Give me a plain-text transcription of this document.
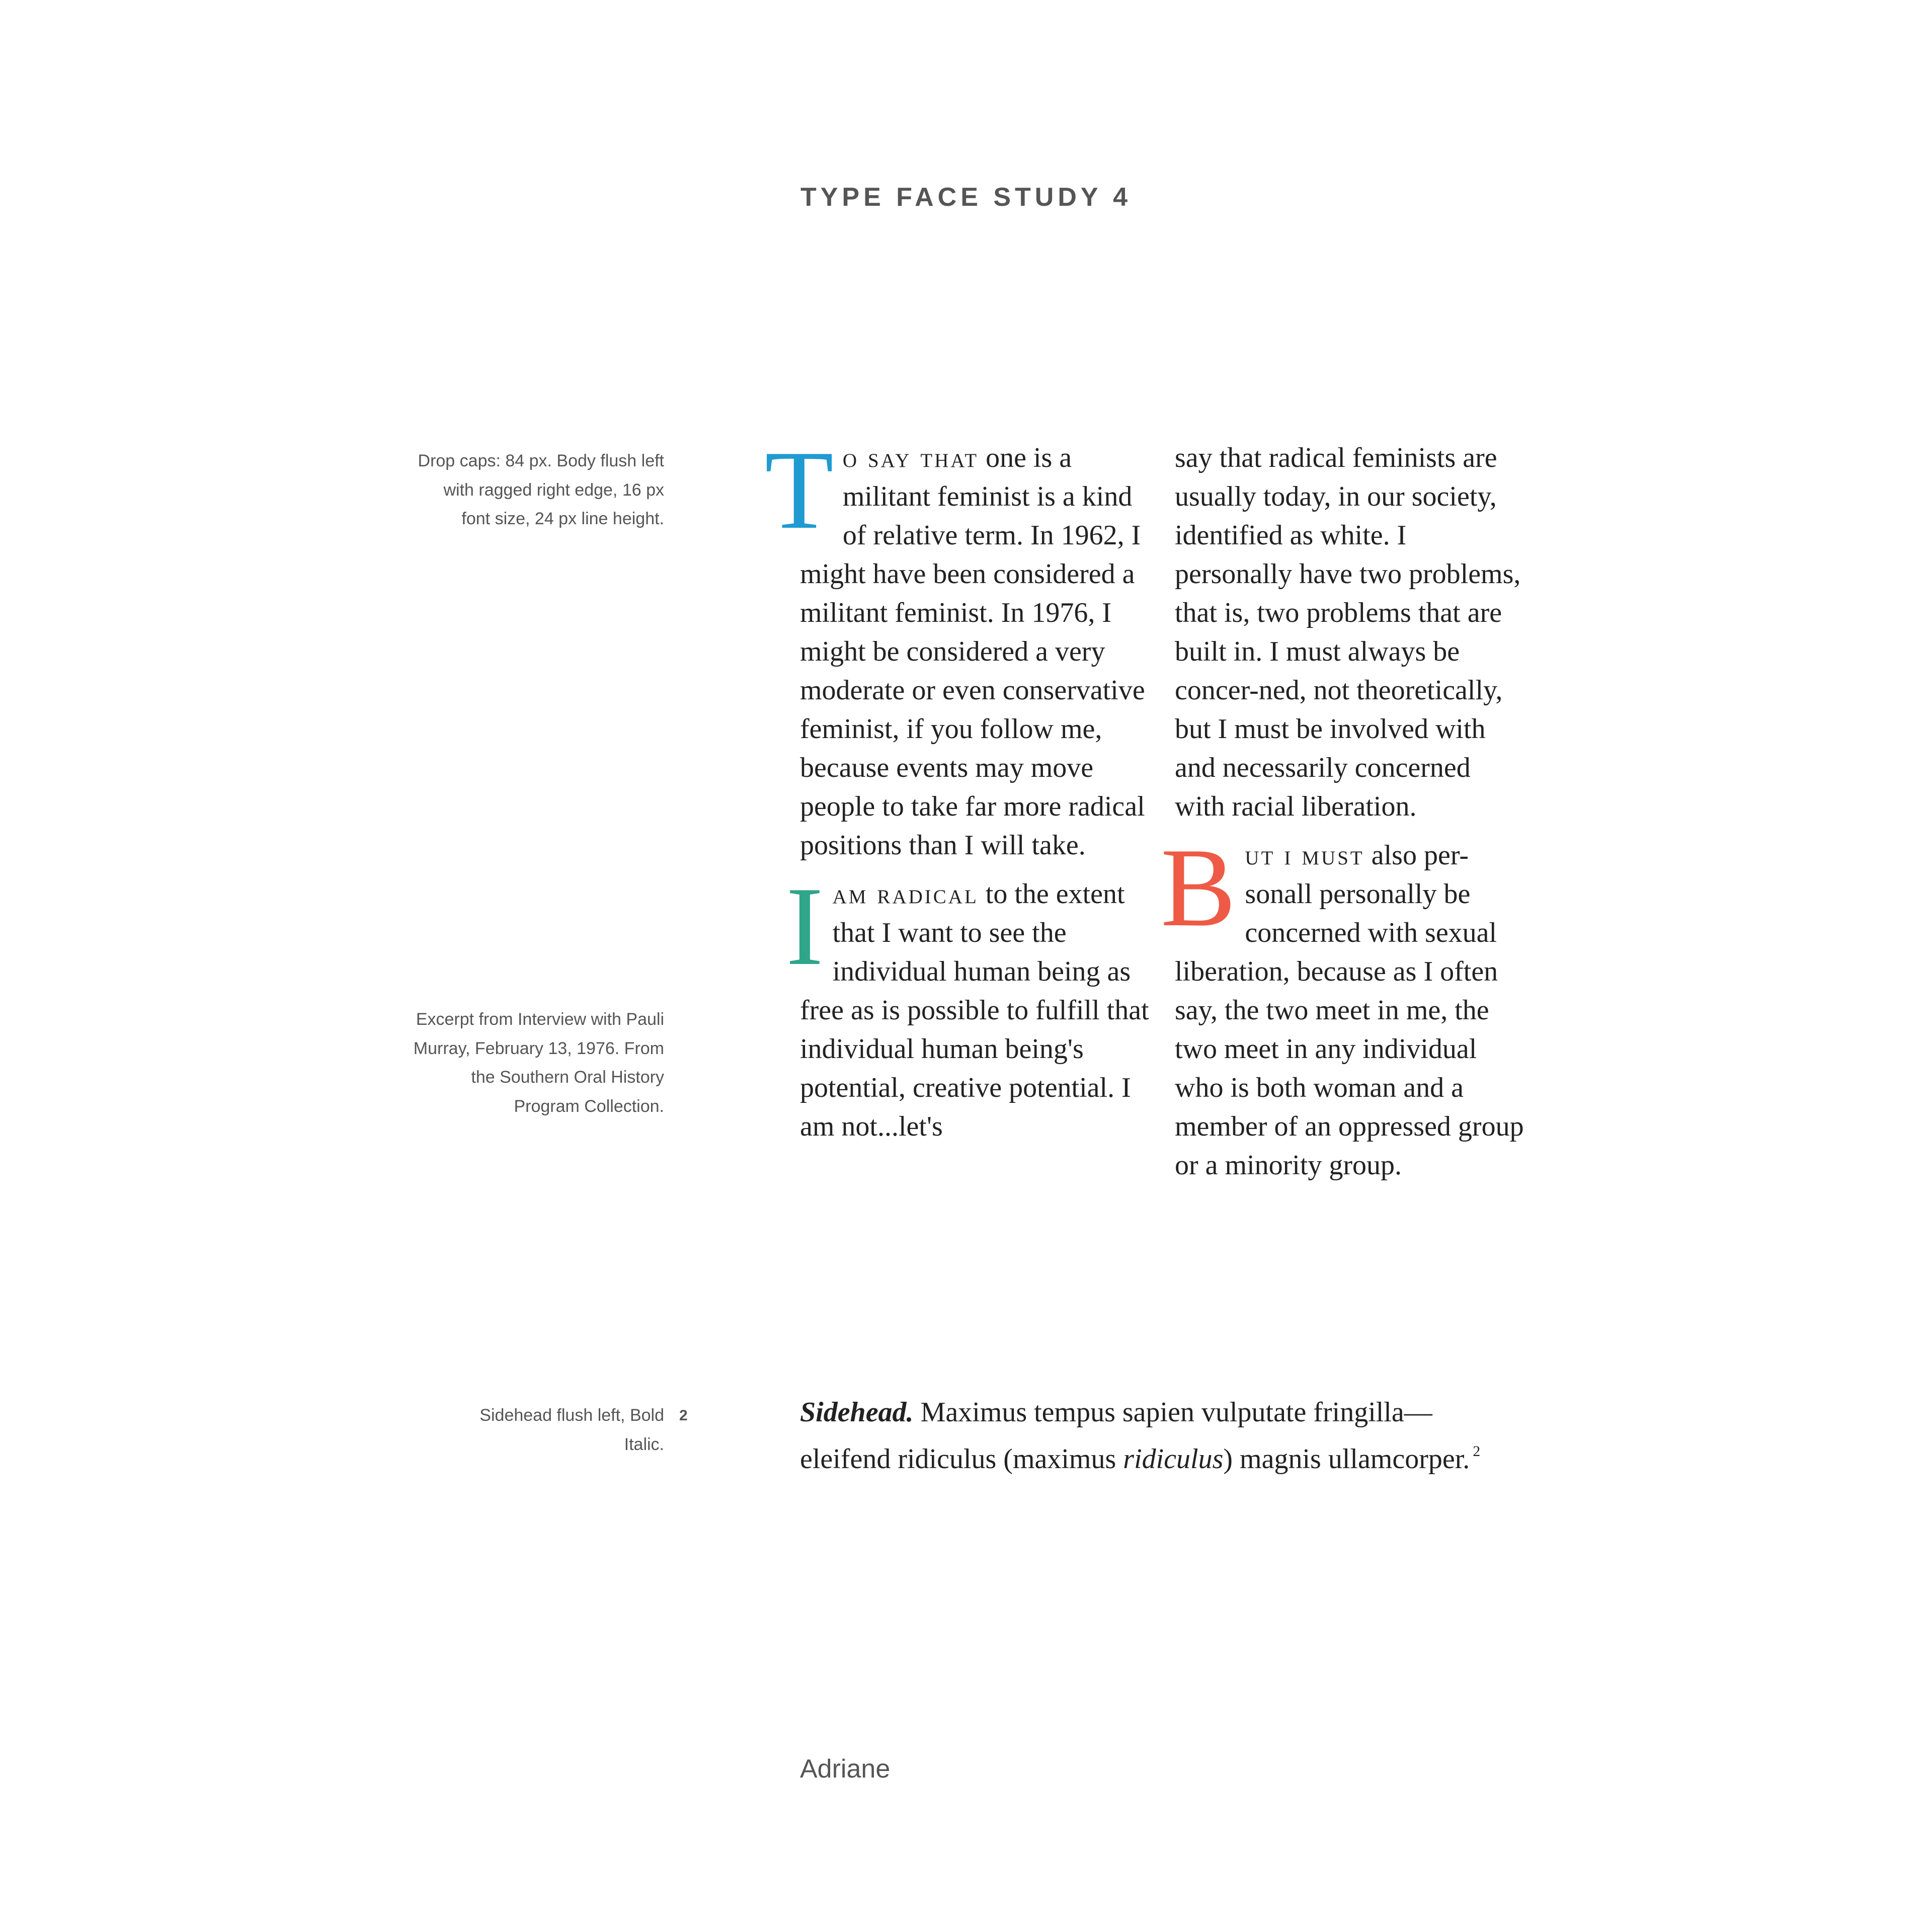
TYPE FACE STUDY 4
Drop caps: 84 px. Body flush left with ragged right edge, 16 px font size, 24 px line height.
Excerpt from Interview with Pauli Murray, February 13, 1976. From the Southern Oral History Program Collection.
Sidehead flush left, Bold Italic.
2

To say that one is a militant feminist is a kind of relative term. In 1962, I might have been considered a militant feminist. In 1976, I might be considered a very moderate or even conservative feminist, if you follow me, because events may move people to take far more radical positions than I will take.

Iam radical to the extent that I want to see the individual human being as free as is possible to fulfill that individual human being's potential, creative potential. I am not...let's

say that radical feminists are usually today, in our society, identified as white. I personally have two problems, that is, two problems that are built in. I must always be concer-ned, not theoretically, but I must be involved with and necessarily concerned with racial liberation.

But i must also per-sonall personally be concerned with sexual liberation, because as I often say, the two meet in me, the two meet in any individual who is both woman and a member of an oppressed group or a minority group.

Sidehead. Maximus tempus sapien vulputate fringilla—eleifend ridiculus (maximus ridiculus) magnis ullamcorper. $^2$
Adriane
